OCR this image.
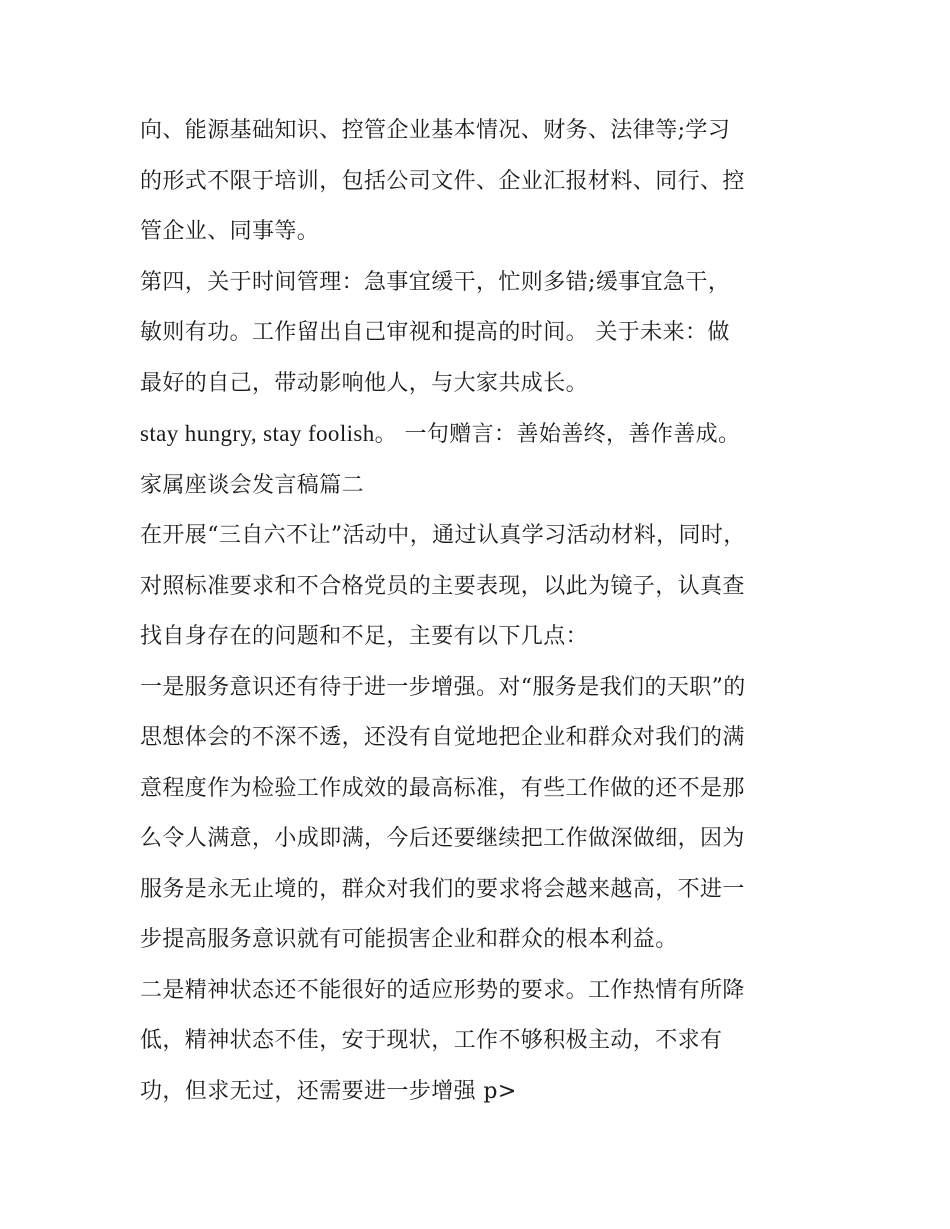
向、能源基础知识、控管企业基本情况、财务、法律等;学习
的形式不限于培训，包括公司文件、企业汇报材料、同行、控
管企业、同事等。

第四，关于时间管理：急事宜缓干，忙则多错;缓事宜急干，
敏则有功。工作留出自己审视和提高的时间。 关于未来：做
最好的自己，带动影响他人，与大家共成长。

stay hungry, stay foolish。 一句赠言：善始善终，善作善成。

家属座谈会发言稿篇二

在开展“三自六不让”活动中，通过认真学习活动材料，同时，
对照标准要求和不合格党员的主要表现，以此为镜子，认真查
找自身存在的问题和不足，主要有以下几点：

一是服务意识还有待于进一步增强。对“服务是我们的天职”的
思想体会的不深不透，还没有自觉地把企业和群众对我们的满
意程度作为检验工作成效的最高标准，有些工作做的还不是那
么令人满意，小成即满，今后还要继续把工作做深做细，因为
服务是永无止境的，群众对我们的要求将会越来越高，不进一
步提高服务意识就有可能损害企业和群众的根本利益。

二是精神状态还不能很好的适应形势的要求。工作热情有所降
低，精神状态不佳，安于现状，工作不够积极主动，不求有
功，但求无过，还需要进一步增强 p>
